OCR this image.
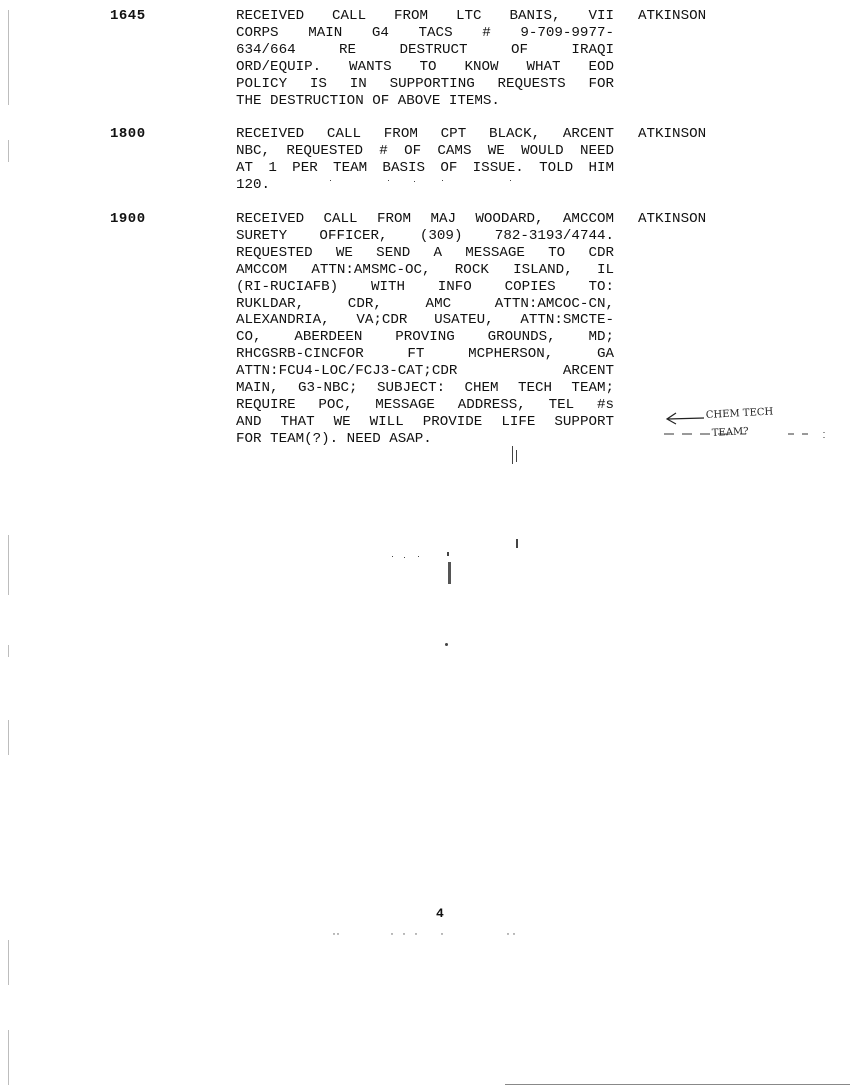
1645	RECEIVED CALL FROM LTC BANIS, VII
CORPS MAIN G4 TACS # 9-709-9977-
634/664 RE DESTRUCT OF IRAQI
ORD/EQUIP. WANTS TO KNOW WHAT EOD
POLICY IS IN SUPPORTING REQUESTS FOR
THE DESTRUCTION OF ABOVE ITEMS.
ATKINSON
1800	RECEIVED CALL FROM CPT BLACK, ARCENT
NBC, REQUESTED # OF CAMS WE WOULD NEED
AT 1 PER TEAM BASIS OF ISSUE. TOLD HIM
120.
ATKINSON
1900	RECEIVED CALL FROM MAJ WOODARD, AMCCOM
SURETY OFFICER, (309) 782-3193/4744.
REQUESTED WE SEND A MESSAGE TO CDR
AMCCOM ATTN:AMSMC-OC, ROCK ISLAND, IL
(RI-RUCIAFB) WITH INFO COPIES TO:
RUKLDAR, CDR, AMC ATTN:AMCOC-CN,
ALEXANDRIA, VA;CDR USATEU, ATTN:SMCTE-
CO, ABERDEEN PROVING GROUNDS, MD;
RHCGSRB-CINCFOR FT MCPHERSON, GA
ATTN:FCU4-LOC/FCJ3-CAT;CDR ARCENT
MAIN, G3-NBC; SUBJECT: CHEM TECH TEAM;
REQUIRE POC, MESSAGE ADDRESS, TEL #s
AND THAT WE WILL PROVIDE LIFE SUPPORT
FOR TEAM(?). NEED ASAP.
ATKINSON
CHEM TECH
TEAM?
4
